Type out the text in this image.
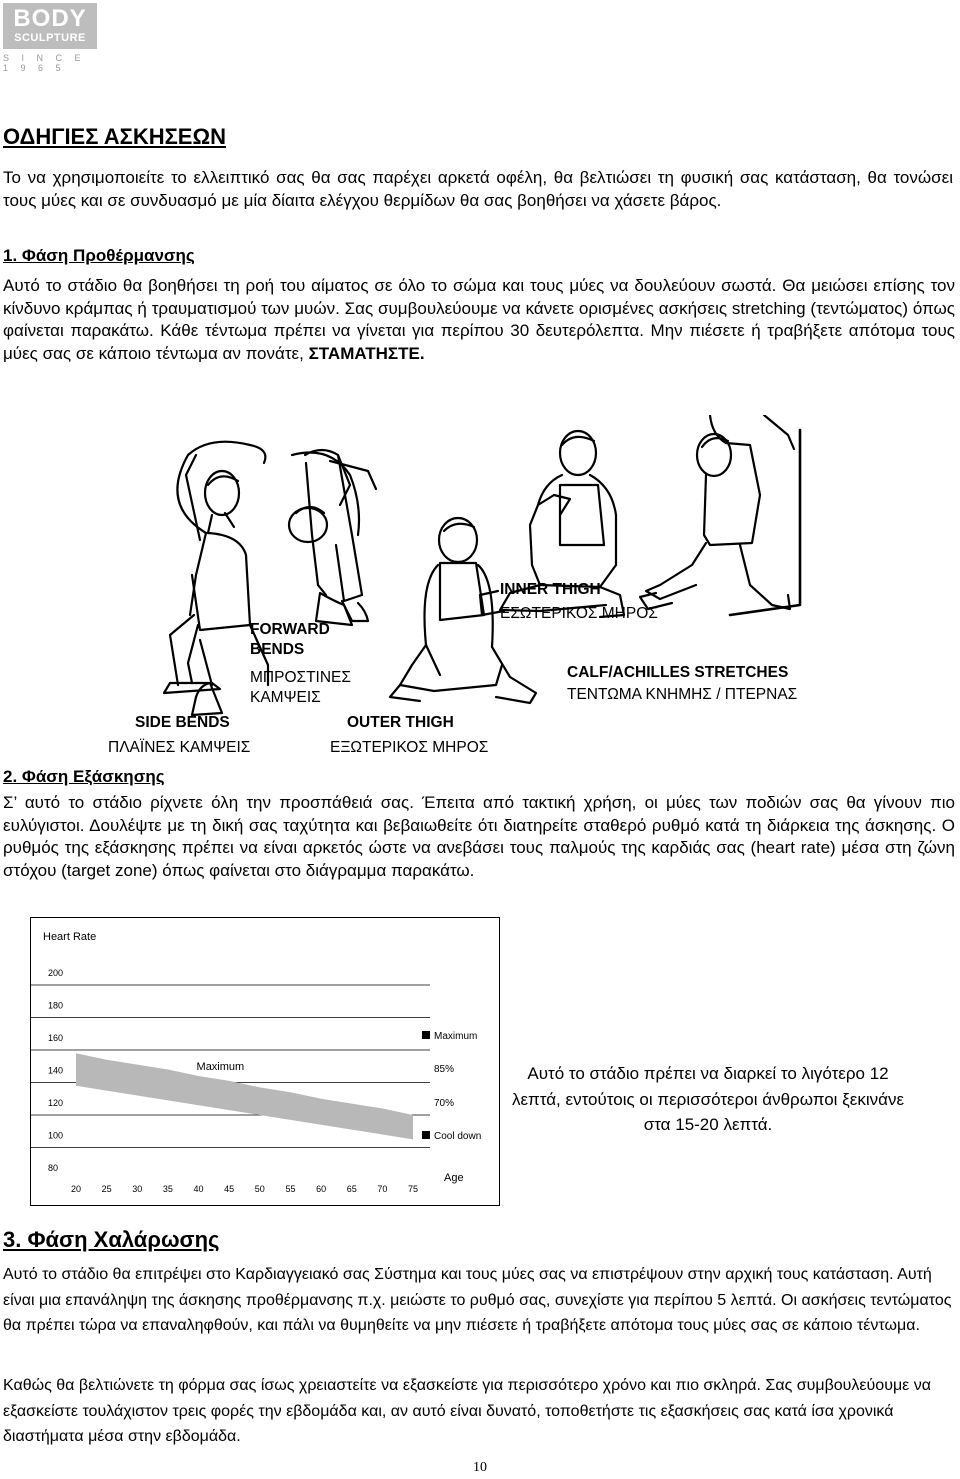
BODY
SCULPTURE
S I N C E 1 9 6 5
ΟΔΗΓΙΕΣ ΑΣΚΗΣΕΩΝ

Το να χρησιμοποιείτε το ελλειπτικό σας θα σας παρέχει αρκετά οφέλη, θα βελτιώσει τη φυσική σας κατάσταση, θα τονώσει τους μύες και σε συνδυασμό με μία δίαιτα ελέγχου θερμίδων θα σας βοηθήσει να χάσετε βάρος.

1. Φάση Προθέρμανσης

Αυτό το στάδιο θα βοηθήσει τη ροή του αίματος σε όλο το σώμα και τους μύες να δουλεύουν σωστά. Θα μειώσει επίσης τον κίνδυνο κράμπας ή τραυματισμού των μυών. Σας συμβουλεύουμε να κάνετε ορισμένες ασκήσεις stretching (τεντώματος) όπως φαίνεται παρακάτω. Κάθε τέντωμα πρέπει να γίνεται για περίπου 30 δευτερόλεπτα. Μην πιέσετε ή τραβήξετε απότομα τους μύες σας σε κάποιο τέντωμα αν πονάτε, ΣΤΑΜΑΤΗΣΤΕ.

FORWARD BENDS
ΜΠΡΟΣΤΙΝΕΣ ΚΑΜΨΕΙΣ
SIDE BENDS
ΠΛΑΪΝΕΣ ΚΑΜΨΕΙΣ
OUTER THIGH
ΕΞΩΤΕΡΙΚΟΣ ΜΗΡΟΣ
INNER THIGH
ΕΣΩΤΕΡΙΚΟΣ ΜΗΡΟΣ
CALF/ACHILLES STRETCHES
ΤΕΝΤΩΜΑ ΚΝΗΜΗΣ / ΠΤΕΡΝΑΣ
2. Φάση Εξάσκησης

Σ’ αυτό το στάδιο ρίχνετε όλη την προσπάθειά σας. Έπειτα από τακτική χρήση, οι μύες των ποδιών σας θα γίνουν πιο ευλύγιστοι. Δουλέψτε με τη δική σας ταχύτητα και βεβαιωθείτε ότι διατηρείτε σταθερό ρυθμό κατά τη διάρκεια της άσκησης. Ο ρυθμός της εξάσκησης πρέπει να είναι αρκετός ώστε να ανεβάσει τους παλμούς της καρδιάς σας (heart rate) μέσα στη ζώνη στόχου (target zone) όπως φαίνεται στο διάγραμμα παρακάτω.

Heart Rate
200
180
160
140
120
100
80
Maximum
20 25 30 35 40 45 50 55 60 65 70 75
Maximum
85%
70%
Cool down
Age

Αυτό το στάδιο πρέπει να διαρκεί το λιγότερο 12 λεπτά, εντούτοις οι περισσότεροι άνθρωποι ξεκινάνε στα 15-20 λεπτά.

3. Φάση Χαλάρωσης

Αυτό το στάδιο θα επιτρέψει στο Καρδιαγγειακό σας Σύστημα και τους μύες σας να επιστρέψουν στην αρχική τους κατάσταση. Αυτή είναι μια επανάληψη της άσκησης προθέρμανσης π.χ. μειώστε το ρυθμό σας, συνεχίστε για περίπου 5 λεπτά. Οι ασκήσεις τεντώματος θα πρέπει τώρα να επαναληφθούν, και πάλι να θυμηθείτε να μην πιέσετε ή τραβήξετε απότομα τους μύες σας σε κάποιο τέντωμα.

Καθώς θα βελτιώνετε τη φόρμα σας ίσως χρειαστείτε να εξασκείστε για περισσότερο χρόνο και πιο σκληρά. Σας συμβουλεύουμε να εξασκείστε τουλάχιστον τρεις φορές την εβδομάδα και, αν αυτό είναι δυνατό, τοποθετήστε τις εξασκήσεις σας κατά ίσα χρονικά διαστήματα μέσα στην εβδομάδα.

10
